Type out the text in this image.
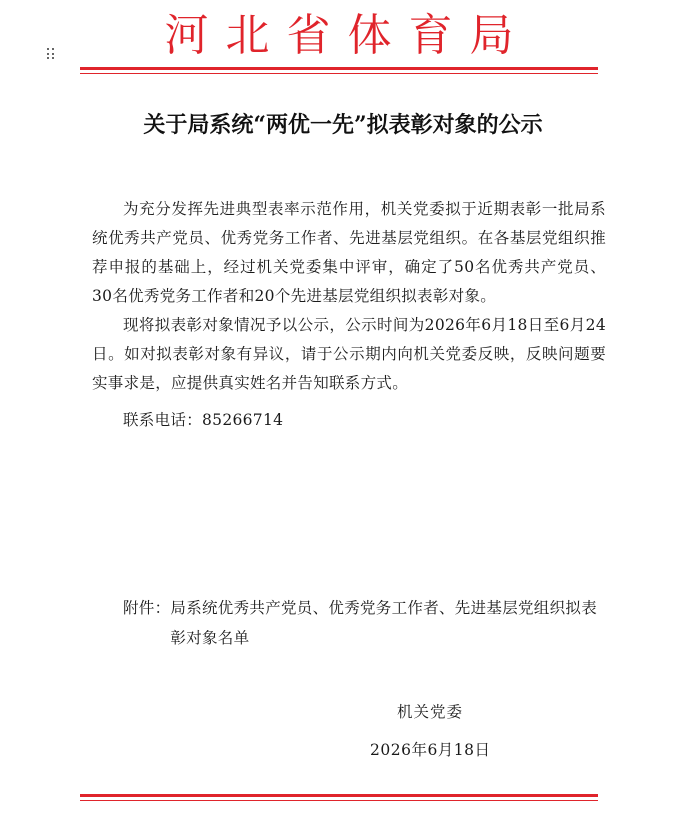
河北省体育局
关于局系统“两优一先”拟表彰对象的公示

为充分发挥先进典型表率示范作用，机关党委拟于近期表彰一批局系统优秀共产党员、优秀党务工作者、先进基层党组织。在各基层党组织推荐申报的基础上，经过机关党委集中评审，确定了50名优秀共产党员、30名优秀党务工作者和20个先进基层党组织拟表彰对象。

现将拟表彰对象情况予以公示，公示时间为2026年6月18日至6月24日。如对拟表彰对象有异议，请于公示期内向机关党委反映，反映问题要实事求是，应提供真实姓名并告知联系方式。

联系电话：85266714

附件： 局系统优秀共产党员、优秀党务工作者、先进基层党组织拟表彰对象名单
机关党委
2026年6月18日
